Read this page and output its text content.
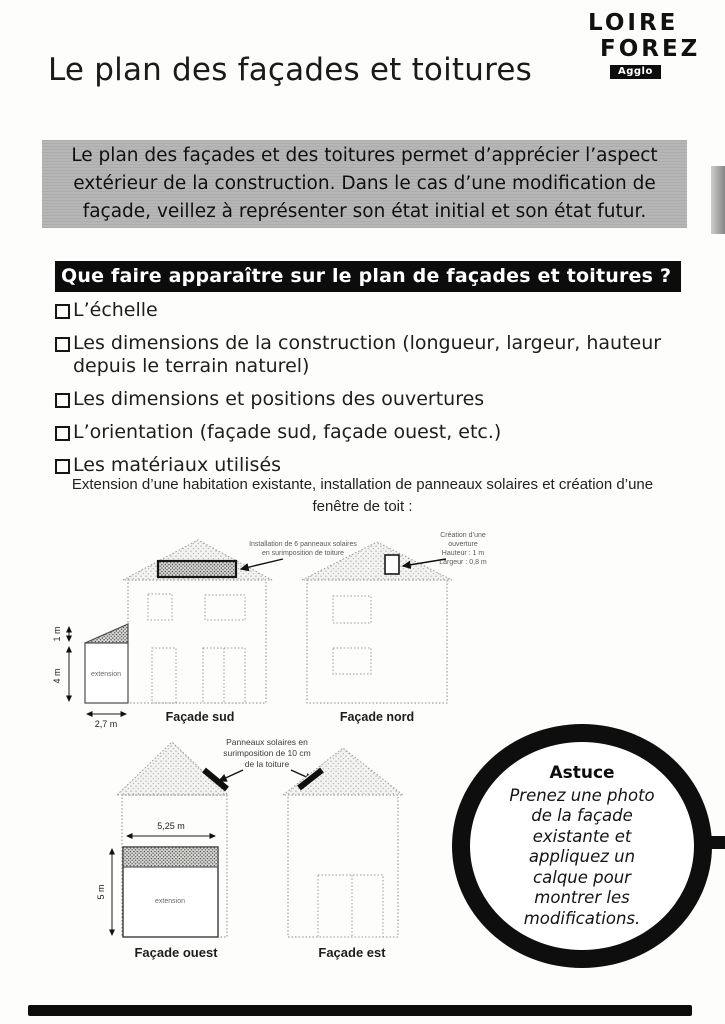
Façade sud
extension
1 m
4 m
2,7 m
Installation de 6 panneaux solaires
en surimposition de toiture
Façade nord
Création d’une
ouverture
Hauteur : 1 m
Largeur : 0,8 m
Panneaux solaires en
surimposition de 10 cm
de la toiture
5,25 m
extension
5 m
Façade ouest	Façade est
LOIRE
FOREZ
Agglo
Le plan des façades et toitures
Le plan des façades et des toitures permet d’apprécier l’aspect
extérieur de la construction. Dans le cas d’une modification de
façade, veillez à représenter son état initial et son état futur.
Que faire apparaître sur le plan de façades et toitures ?
L’échelle
Les dimensions de la construction (longueur, largeur, hauteur depuis le terrain naturel)
Les dimensions et positions des ouvertures
L’orientation (façade sud, façade ouest, etc.)
Les matériaux utilisés
Extension d’une habitation existante, installation de panneaux solaires et création d’une
fenêtre de toit :
Astuce
Prenez une photo
de la façade
existante et
appliquez un
calque pour
montrer les
modifications.
